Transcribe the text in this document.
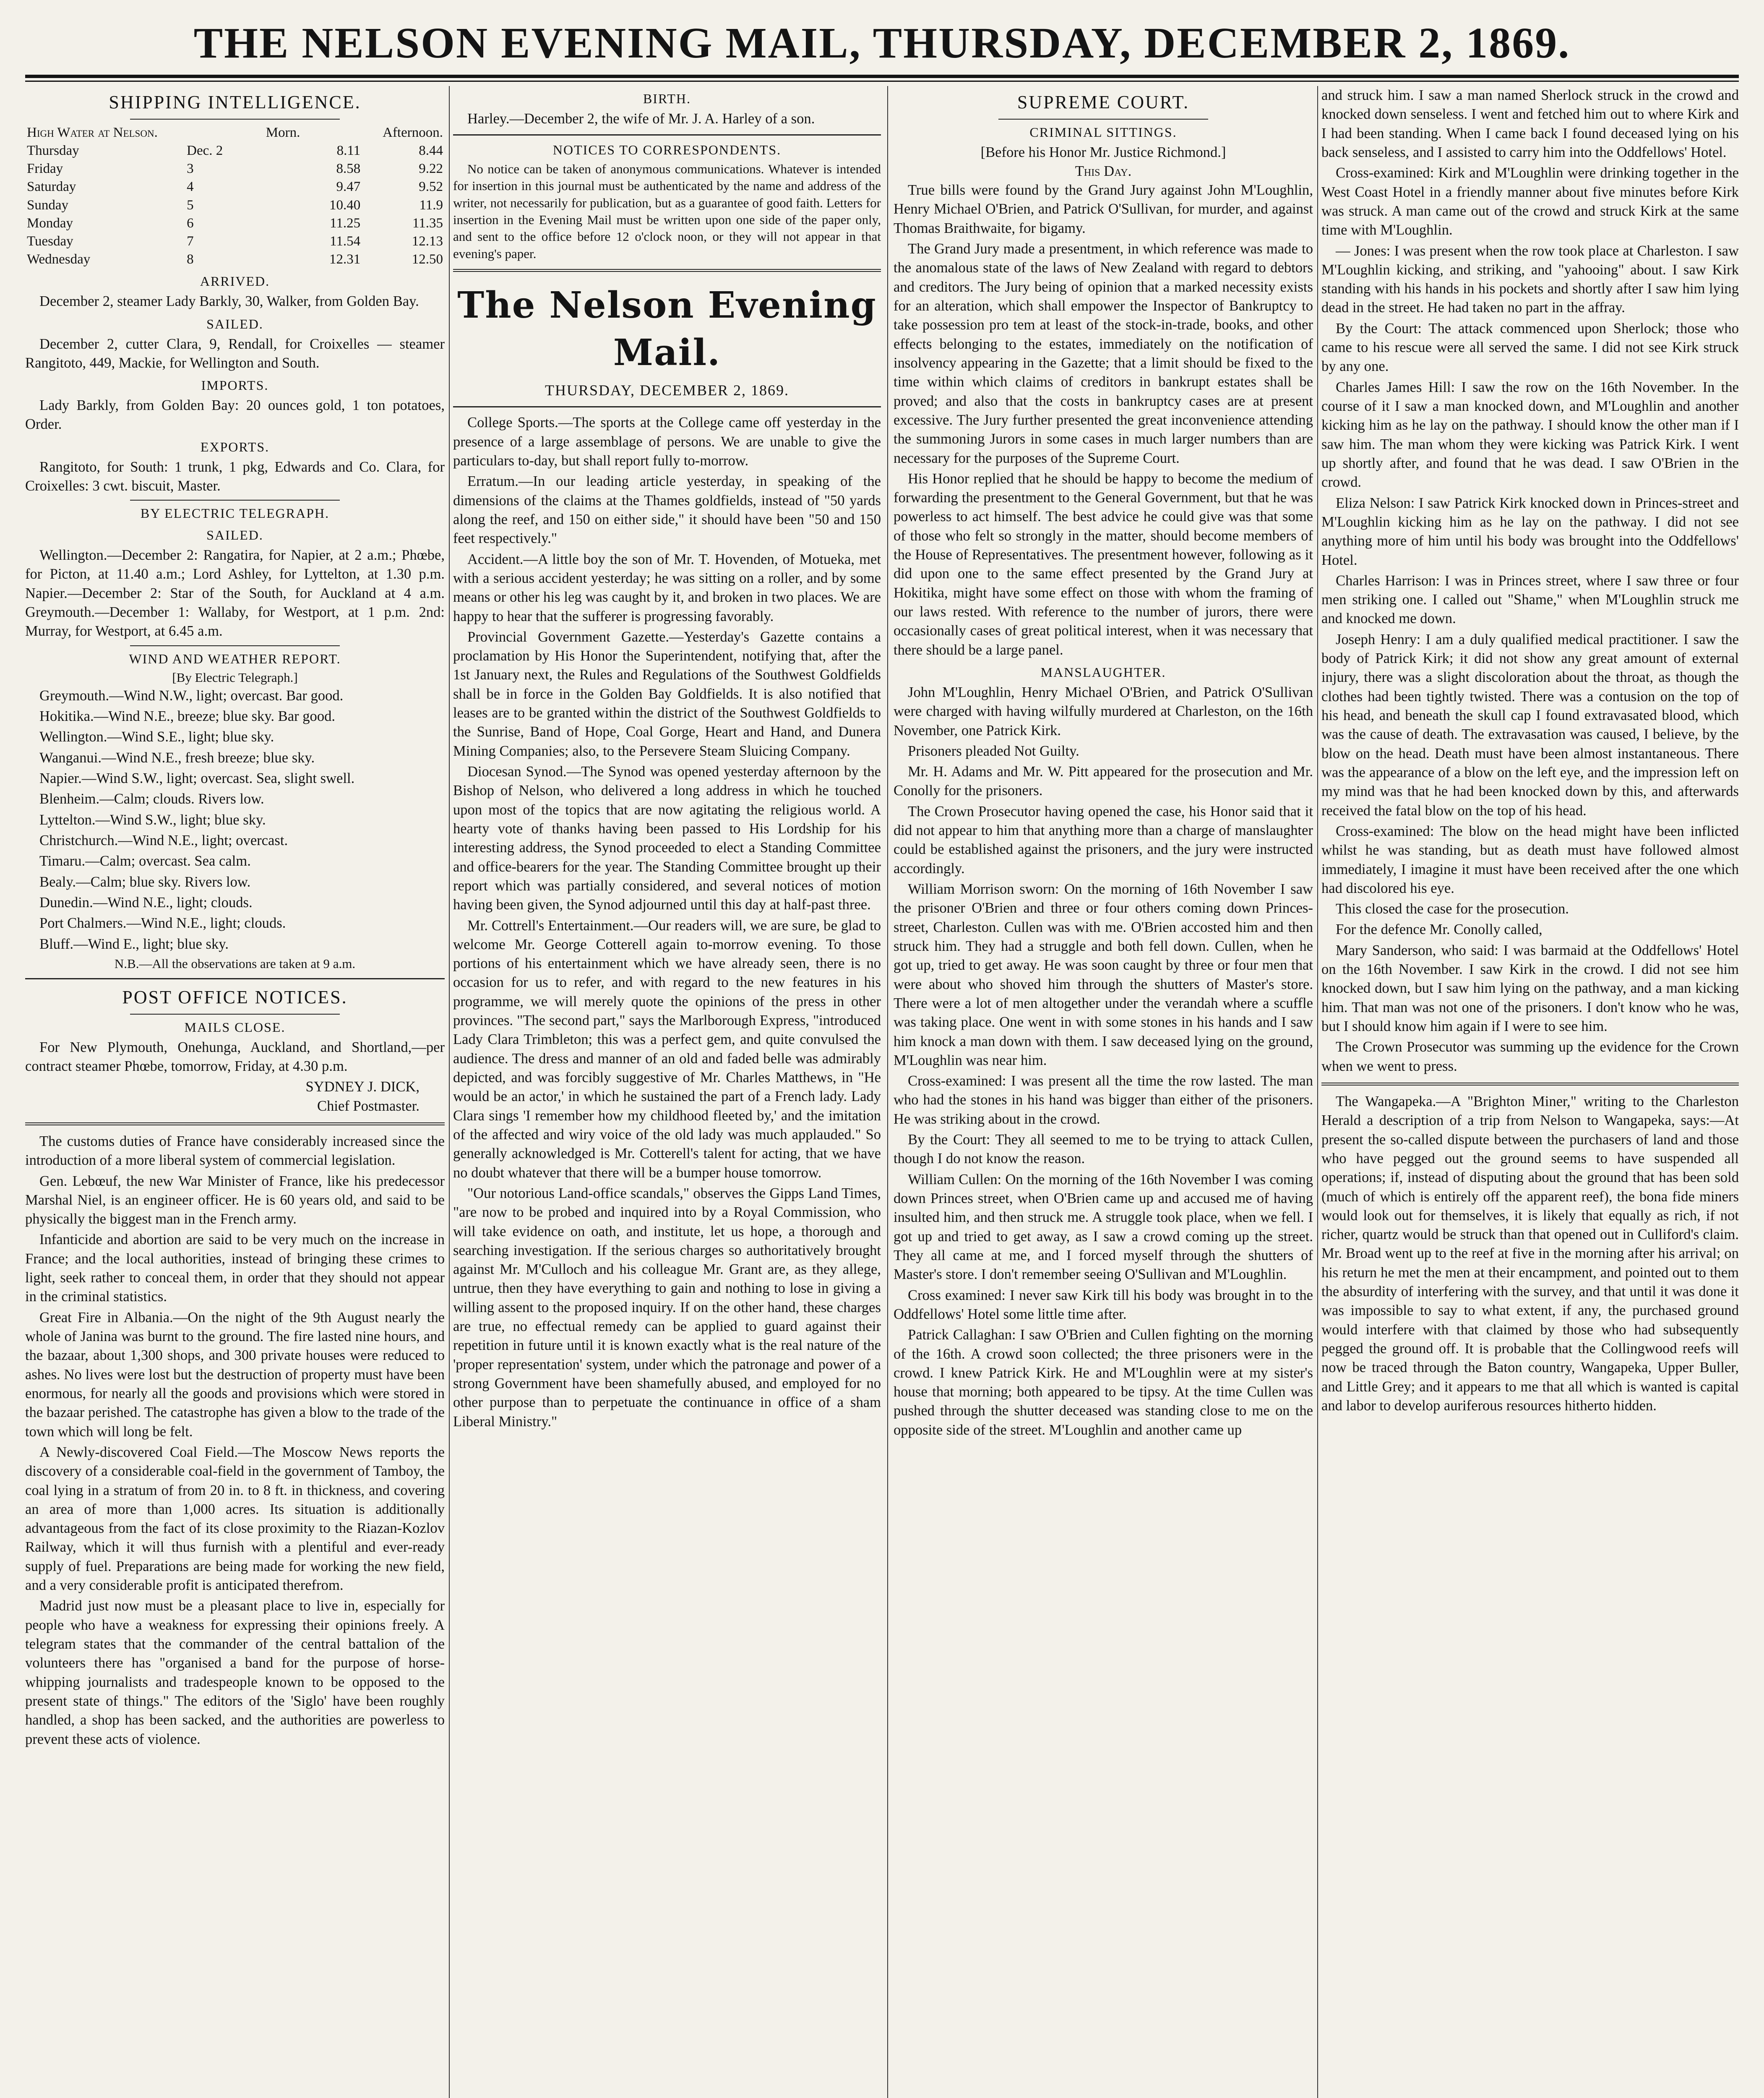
THE NELSON EVENING MAIL, THURSDAY, DECEMBER 2, 1869.
SHIPPING INTELLIGENCE.
High Water at Nelson.	Morn.	Afternoon.
Thursday	Dec. 2	8.11	8.44
Friday	3	8.58	9.22
Saturday	4	9.47	9.52
Sunday	5	10.40	11.9
Monday	6	11.25	11.35
Tuesday	7	11.54	12.13
Wednesday	8	12.31	12.50
ARRIVED.

December 2, steamer Lady Barkly, 30, Walker, from Golden Bay.

SAILED.

December 2, cutter Clara, 9, Rendall, for Croixelles — steamer Rangitoto, 449, Mackie, for Wellington and South.

IMPORTS.

Lady Barkly, from Golden Bay: 20 ounces gold, 1 ton potatoes, Order.

EXPORTS.

Rangitoto, for South: 1 trunk, 1 pkg, Edwards and Co. Clara, for Croixelles: 3 cwt. biscuit, Master.

BY ELECTRIC TELEGRAPH.
SAILED.

Wellington.—December 2: Rangatira, for Napier, at 2 a.m.; Phœbe, for Picton, at 11.40 a.m.; Lord Ashley, for Lyttelton, at 1.30 p.m. Napier.—December 2: Star of the South, for Auckland at 4 a.m. Greymouth.—December 1: Wallaby, for Westport, at 1 p.m. 2nd: Murray, for Westport, at 6.45 a.m.

WIND AND WEATHER REPORT.
[By Electric Telegraph.]

Greymouth.—Wind N.W., light; overcast. Bar good.

Hokitika.—Wind N.E., breeze; blue sky. Bar good.

Wellington.—Wind S.E., light; blue sky.

Wanganui.—Wind N.E., fresh breeze; blue sky.

Napier.—Wind S.W., light; overcast. Sea, slight swell.

Blenheim.—Calm; clouds. Rivers low.

Lyttelton.—Wind S.W., light; blue sky.

Christchurch.—Wind N.E., light; overcast.

Timaru.—Calm; overcast. Sea calm.

Bealy.—Calm; blue sky. Rivers low.

Dunedin.—Wind N.E., light; clouds.

Port Chalmers.—Wind N.E., light; clouds.

Bluff.—Wind E., light; blue sky.

N.B.—All the observations are taken at 9 a.m.
POST OFFICE NOTICES.
MAILS CLOSE.

For New Plymouth, Onehunga, Auckland, and Shortland,—per contract steamer Phœbe, tomorrow, Friday, at 4.30 p.m.

SYDNEY J. DICK,
Chief Postmaster.

The customs duties of France have considerably increased since the introduction of a more liberal system of commercial legislation.

Gen. Lebœuf, the new War Minister of France, like his predecessor Marshal Niel, is an engineer officer. He is 60 years old, and said to be physically the biggest man in the French army.

Infanticide and abortion are said to be very much on the increase in France; and the local authorities, instead of bringing these crimes to light, seek rather to conceal them, in order that they should not appear in the criminal statistics.

Great Fire in Albania.—On the night of the 9th August nearly the whole of Janina was burnt to the ground. The fire lasted nine hours, and the bazaar, about 1,300 shops, and 300 private houses were reduced to ashes. No lives were lost but the destruction of property must have been enormous, for nearly all the goods and provisions which were stored in the bazaar perished. The catastrophe has given a blow to the trade of the town which will long be felt.

A Newly-discovered Coal Field.—The Moscow News reports the discovery of a considerable coal-field in the government of Tamboy, the coal lying in a stratum of from 20 in. to 8 ft. in thickness, and covering an area of more than 1,000 acres. Its situation is additionally advantageous from the fact of its close proximity to the Riazan-Kozlov Railway, which it will thus furnish with a plentiful and ever-ready supply of fuel. Preparations are being made for working the new field, and a very considerable profit is anticipated therefrom.

Madrid just now must be a pleasant place to live in, especially for people who have a weakness for expressing their opinions freely. A telegram states that the commander of the central battalion of the volunteers there has "organised a band for the purpose of horse-whipping journalists and tradespeople known to be opposed to the present state of things." The editors of the 'Siglo' have been roughly handled, a shop has been sacked, and the authorities are powerless to prevent these acts of violence.

BIRTH.

Harley.—December 2, the wife of Mr. J. A. Harley of a son.

NOTICES TO CORRESPONDENTS.

No notice can be taken of anonymous communications. Whatever is intended for insertion in this journal must be authenticated by the name and address of the writer, not necessarily for publication, but as a guarantee of good faith. Letters for insertion in the Evening Mail must be written upon one side of the paper only, and sent to the office before 12 o'clock noon, or they will not appear in that evening's paper.

The Nelson Evening Mail.
THURSDAY, DECEMBER 2, 1869.

College Sports.—The sports at the College came off yesterday in the presence of a large assemblage of persons. We are unable to give the particulars to-day, but shall report fully to-morrow.

Erratum.—In our leading article yesterday, in speaking of the dimensions of the claims at the Thames goldfields, instead of "50 yards along the reef, and 150 on either side," it should have been "50 and 150 feet respectively."

Accident.—A little boy the son of Mr. T. Hovenden, of Motueka, met with a serious accident yesterday; he was sitting on a roller, and by some means or other his leg was caught by it, and broken in two places. We are happy to hear that the sufferer is progressing favorably.

Provincial Government Gazette.—Yesterday's Gazette contains a proclamation by His Honor the Superintendent, notifying that, after the 1st January next, the Rules and Regulations of the Southwest Goldfields shall be in force in the Golden Bay Goldfields. It is also notified that leases are to be granted within the district of the Southwest Goldfields to the Sunrise, Band of Hope, Coal Gorge, Heart and Hand, and Dunera Mining Companies; also, to the Persevere Steam Sluicing Company.

Diocesan Synod.—The Synod was opened yesterday afternoon by the Bishop of Nelson, who delivered a long address in which he touched upon most of the topics that are now agitating the religious world. A hearty vote of thanks having been passed to His Lordship for his interesting address, the Synod proceeded to elect a Standing Committee and office-bearers for the year. The Standing Committee brought up their report which was partially considered, and several notices of motion having been given, the Synod adjourned until this day at half-past three.

Mr. Cottrell's Entertainment.—Our readers will, we are sure, be glad to welcome Mr. George Cotterell again to-morrow evening. To those portions of his entertainment which we have already seen, there is no occasion for us to refer, and with regard to the new features in his programme, we will merely quote the opinions of the press in other provinces. "The second part," says the Marlborough Express, "introduced Lady Clara Trimbleton; this was a perfect gem, and quite convulsed the audience. The dress and manner of an old and faded belle was admirably depicted, and was forcibly suggestive of Mr. Charles Matthews, in "He would be an actor,' in which he sustained the part of a French lady. Lady Clara sings 'I remember how my childhood fleeted by,' and the imitation of the affected and wiry voice of the old lady was much applauded." So generally acknowledged is Mr. Cotterell's talent for acting, that we have no doubt whatever that there will be a bumper house tomorrow.

"Our notorious Land-office scandals," observes the Gipps Land Times, "are now to be probed and inquired into by a Royal Commission, who will take evidence on oath, and institute, let us hope, a thorough and searching investigation. If the serious charges so authoritatively brought against Mr. M'Culloch and his colleague Mr. Grant are, as they allege, untrue, then they have everything to gain and nothing to lose in giving a willing assent to the proposed inquiry. If on the other hand, these charges are true, no effectual remedy can be applied to guard against their repetition in future until it is known exactly what is the real nature of the 'proper representation' system, under which the patronage and power of a strong Government have been shamefully abused, and employed for no other purpose than to perpetuate the continuance in office of a sham Liberal Ministry."

SUPREME COURT.
CRIMINAL SITTINGS.
[Before his Honor Mr. Justice Richmond.]
This Day.

True bills were found by the Grand Jury against John M'Loughlin, Henry Michael O'Brien, and Patrick O'Sullivan, for murder, and against Thomas Braithwaite, for bigamy.

The Grand Jury made a presentment, in which reference was made to the anomalous state of the laws of New Zealand with regard to debtors and creditors. The Jury being of opinion that a marked necessity exists for an alteration, which shall empower the Inspector of Bankruptcy to take possession pro tem at least of the stock-in-trade, books, and other effects belonging to the estates, immediately on the notification of insolvency appearing in the Gazette; that a limit should be fixed to the time within which claims of creditors in bankrupt estates shall be proved; and also that the costs in bankruptcy cases are at present excessive. The Jury further presented the great inconvenience attending the summoning Jurors in some cases in much larger numbers than are necessary for the purposes of the Supreme Court.

His Honor replied that he should be happy to become the medium of forwarding the presentment to the General Government, but that he was powerless to act himself. The best advice he could give was that some of those who felt so strongly in the matter, should become members of the House of Representatives. The presentment however, following as it did upon one to the same effect presented by the Grand Jury at Hokitika, might have some effect on those with whom the framing of our laws rested. With reference to the number of jurors, there were occasionally cases of great political interest, when it was necessary that there should be a large panel.

MANSLAUGHTER.

John M'Loughlin, Henry Michael O'Brien, and Patrick O'Sullivan were charged with having wilfully murdered at Charleston, on the 16th November, one Patrick Kirk.

Prisoners pleaded Not Guilty.

Mr. H. Adams and Mr. W. Pitt appeared for the prosecution and Mr. Conolly for the prisoners.

The Crown Prosecutor having opened the case, his Honor said that it did not appear to him that anything more than a charge of manslaughter could be established against the prisoners, and the jury were instructed accordingly.

William Morrison sworn: On the morning of 16th November I saw the prisoner O'Brien and three or four others coming down Princes-street, Charleston. Cullen was with me. O'Brien accosted him and then struck him. They had a struggle and both fell down. Cullen, when he got up, tried to get away. He was soon caught by three or four men that were about who shoved him through the shutters of Master's store. There were a lot of men altogether under the verandah where a scuffle was taking place. One went in with some stones in his hands and I saw him knock a man down with them. I saw deceased lying on the ground, M'Loughlin was near him.

Cross-examined: I was present all the time the row lasted. The man who had the stones in his hand was bigger than either of the prisoners. He was striking about in the crowd.

By the Court: They all seemed to me to be trying to attack Cullen, though I do not know the reason.

William Cullen: On the morning of the 16th November I was coming down Princes street, when O'Brien came up and accused me of having insulted him, and then struck me. A struggle took place, when we fell. I got up and tried to get away, as I saw a crowd coming up the street. They all came at me, and I forced myself through the shutters of Master's store. I don't remember seeing O'Sullivan and M'Loughlin.

Cross examined: I never saw Kirk till his body was brought in to the Oddfellows' Hotel some little time after.

Patrick Callaghan: I saw O'Brien and Cullen fighting on the morning of the 16th. A crowd soon collected; the three prisoners were in the crowd. I knew Patrick Kirk. He and M'Loughlin were at my sister's house that morning; both appeared to be tipsy. At the time Cullen was pushed through the shutter deceased was standing close to me on the opposite side of the street. M'Loughlin and another came up

and struck him. I saw a man named Sherlock struck in the crowd and knocked down senseless. I went and fetched him out to where Kirk and I had been standing. When I came back I found deceased lying on his back senseless, and I assisted to carry him into the Oddfellows' Hotel.

Cross-examined: Kirk and M'Loughlin were drinking together in the West Coast Hotel in a friendly manner about five minutes before Kirk was struck. A man came out of the crowd and struck Kirk at the same time with M'Loughlin.

— Jones: I was present when the row took place at Charleston. I saw M'Loughlin kicking, and striking, and "yahooing" about. I saw Kirk standing with his hands in his pockets and shortly after I saw him lying dead in the street. He had taken no part in the affray.

By the Court: The attack commenced upon Sherlock; those who came to his rescue were all served the same. I did not see Kirk struck by any one.

Charles James Hill: I saw the row on the 16th November. In the course of it I saw a man knocked down, and M'Loughlin and another kicking him as he lay on the pathway. I should know the other man if I saw him. The man whom they were kicking was Patrick Kirk. I went up shortly after, and found that he was dead. I saw O'Brien in the crowd.

Eliza Nelson: I saw Patrick Kirk knocked down in Princes-street and M'Loughlin kicking him as he lay on the pathway. I did not see anything more of him until his body was brought into the Oddfellows' Hotel.

Charles Harrison: I was in Princes street, where I saw three or four men striking one. I called out "Shame," when M'Loughlin struck me and knocked me down.

Joseph Henry: I am a duly qualified medical practitioner. I saw the body of Patrick Kirk; it did not show any great amount of external injury, there was a slight discoloration about the throat, as though the clothes had been tightly twisted. There was a contusion on the top of his head, and beneath the skull cap I found extravasated blood, which was the cause of death. The extravasation was caused, I believe, by the blow on the head. Death must have been almost instantaneous. There was the appearance of a blow on the left eye, and the impression left on my mind was that he had been knocked down by this, and afterwards received the fatal blow on the top of his head.

Cross-examined: The blow on the head might have been inflicted whilst he was standing, but as death must have followed almost immediately, I imagine it must have been received after the one which had discolored his eye.

This closed the case for the prosecution.

For the defence Mr. Conolly called,

Mary Sanderson, who said: I was barmaid at the Oddfellows' Hotel on the 16th November. I saw Kirk in the crowd. I did not see him knocked down, but I saw him lying on the pathway, and a man kicking him. That man was not one of the prisoners. I don't know who he was, but I should know him again if I were to see him.

The Crown Prosecutor was summing up the evidence for the Crown when we went to press.

The Wangapeka.—A "Brighton Miner," writing to the Charleston Herald a description of a trip from Nelson to Wangapeka, says:—At present the so-called dispute between the purchasers of land and those who have pegged out the ground seems to have suspended all operations; if, instead of disputing about the ground that has been sold (much of which is entirely off the apparent reef), the bona fide miners would look out for themselves, it is likely that equally as rich, if not richer, quartz would be struck than that opened out in Culliford's claim. Mr. Broad went up to the reef at five in the morning after his arrival; on his return he met the men at their encampment, and pointed out to them the absurdity of interfering with the survey, and that until it was done it was impossible to say to what extent, if any, the purchased ground would interfere with that claimed by those who had subsequently pegged the ground off. It is probable that the Collingwood reefs will now be traced through the Baton country, Wangapeka, Upper Buller, and Little Grey; and it appears to me that all which is wanted is capital and labor to develop auriferous resources hitherto hidden.
